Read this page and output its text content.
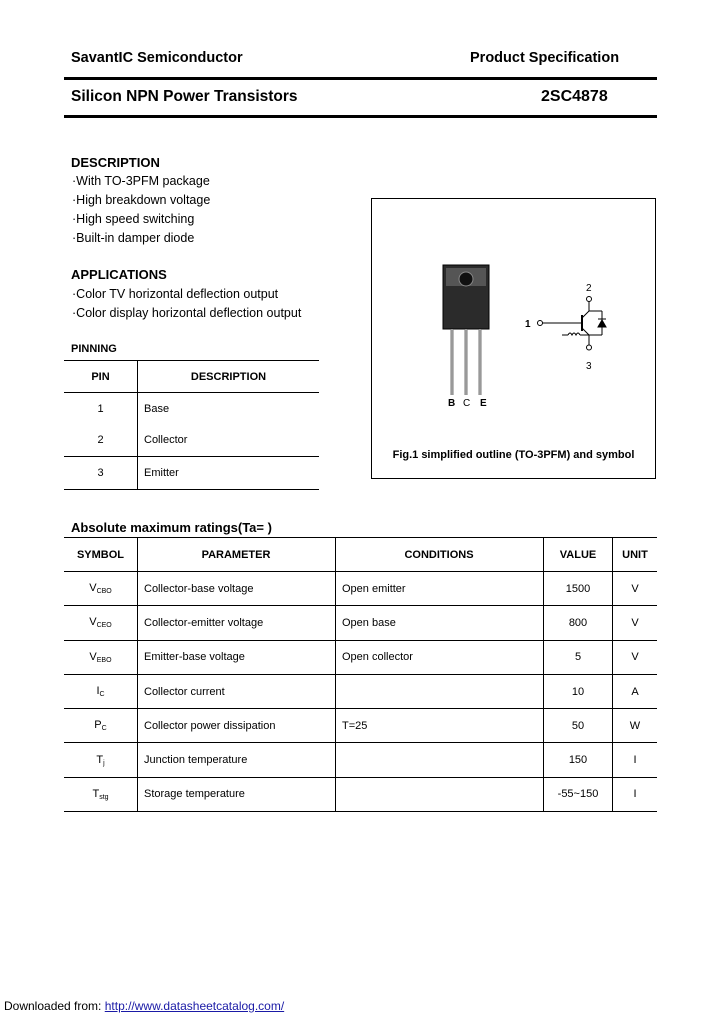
SavantIC Semiconductor	Product Specification
Silicon NPN Power Transistors	2SC4878
DESCRIPTION
·With TO-3PFM package
·High breakdown voltage
·High speed switching
·Built-in damper diode
APPLICATIONS
·Color TV horizontal deflection output
·Color display horizontal deflection output
PINNING
PIN	DESCRIPTION
1	Base
2	Collector
3	Emitter
B C E
2
1
3
Fig.1 simplified outline (TO-3PFM) and symbol
Absolute maximum ratings(Ta= )
SYMBOL	PARAMETER	CONDITIONS	VALUE	UNIT
$V_{CBO}$	Collector-base voltage	Open emitter	1500	V
$V_{CEO}$	Collector-emitter voltage	Open base	800	V
$V_{EBO}$	Emitter-base voltage	Open collector	5	V
$I_C$	Collector current		10	A
$P_C$	Collector power dissipation	T=25	50	W
$T_j$	Junction temperature		150	I
$T_{stg}$	Storage temperature		-55~150	I
Downloaded from: http://www.datasheetcatalog.com/
